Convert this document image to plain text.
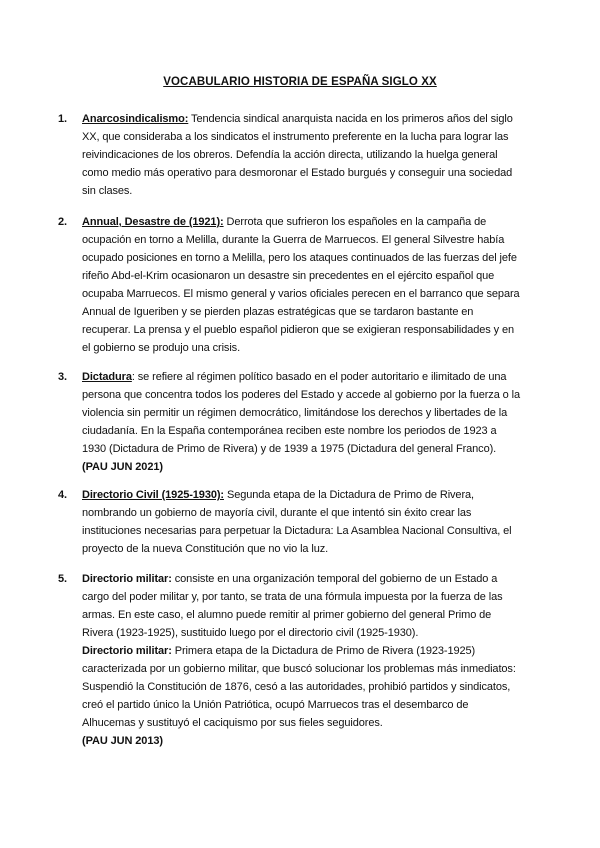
VOCABULARIO HISTORIA DE ESPAÑA SIGLO XX
1. Anarcosindicalismo: Tendencia sindical anarquista nacida en los primeros años del siglo XX, que consideraba a los sindicatos el instrumento preferente en la lucha para lograr las reivindicaciones de los obreros. Defendía la acción directa, utilizando la huelga general como medio más operativo para desmoronar el Estado burgués y conseguir una sociedad sin clases.

2. Annual, Desastre de (1921): Derrota que sufrieron los españoles en la campaña de ocupación en torno a Melilla, durante la Guerra de Marruecos. El general Silvestre había ocupado posiciones en torno a Melilla, pero los ataques continuados de las fuerzas del jefe rifeño Abd-el-Krim ocasionaron un desastre sin precedentes en el ejército español que ocupaba Marruecos. El mismo general y varios oficiales perecen en el barranco que separa Annual de Igueriben y se pierden plazas estratégicas que se tardaron bastante en recuperar. La prensa y el pueblo español pidieron que se exigieran responsabilidades y en el gobierno se produjo una crisis.

3. Dictadura: se refiere al régimen político basado en el poder autoritario e ilimitado de una persona que concentra todos los poderes del Estado y accede al gobierno por la fuerza o la violencia sin permitir un régimen democrático, limitándose los derechos y libertades de la ciudadanía. En la España contemporánea reciben este nombre los periodos de 1923 a 1930 (Dictadura de Primo de Rivera) y de 1939 a 1975 (Dictadura del general Franco). (PAU JUN 2021)

4. Directorio Civil (1925-1930): Segunda etapa de la Dictadura de Primo de Rivera, nombrando un gobierno de mayoría civil, durante el que intentó sin éxito crear las instituciones necesarias para perpetuar la Dictadura: La Asamblea Nacional Consultiva, el proyecto de la nueva Constitución que no vio la luz.

5. Directorio militar: consiste en una organización temporal del gobierno de un Estado a cargo del poder militar y, por tanto, se trata de una fórmula impuesta por la fuerza de las armas. En este caso, el alumno puede remitir al primer gobierno del general Primo de Rivera (1923-1925), sustituido luego por el directorio civil (1925-1930).

Directorio militar: Primera etapa de la Dictadura de Primo de Rivera (1923-1925) caracterizada por un gobierno militar, que buscó solucionar los problemas más inmediatos: Suspendió la Constitución de 1876, cesó a las autoridades, prohibió partidos y sindicatos, creó el partido único la Unión Patriótica, ocupó Marruecos tras el desembarco de Alhucemas y sustituyó el caciquismo por sus fieles seguidores.

(PAU JUN 2013)
